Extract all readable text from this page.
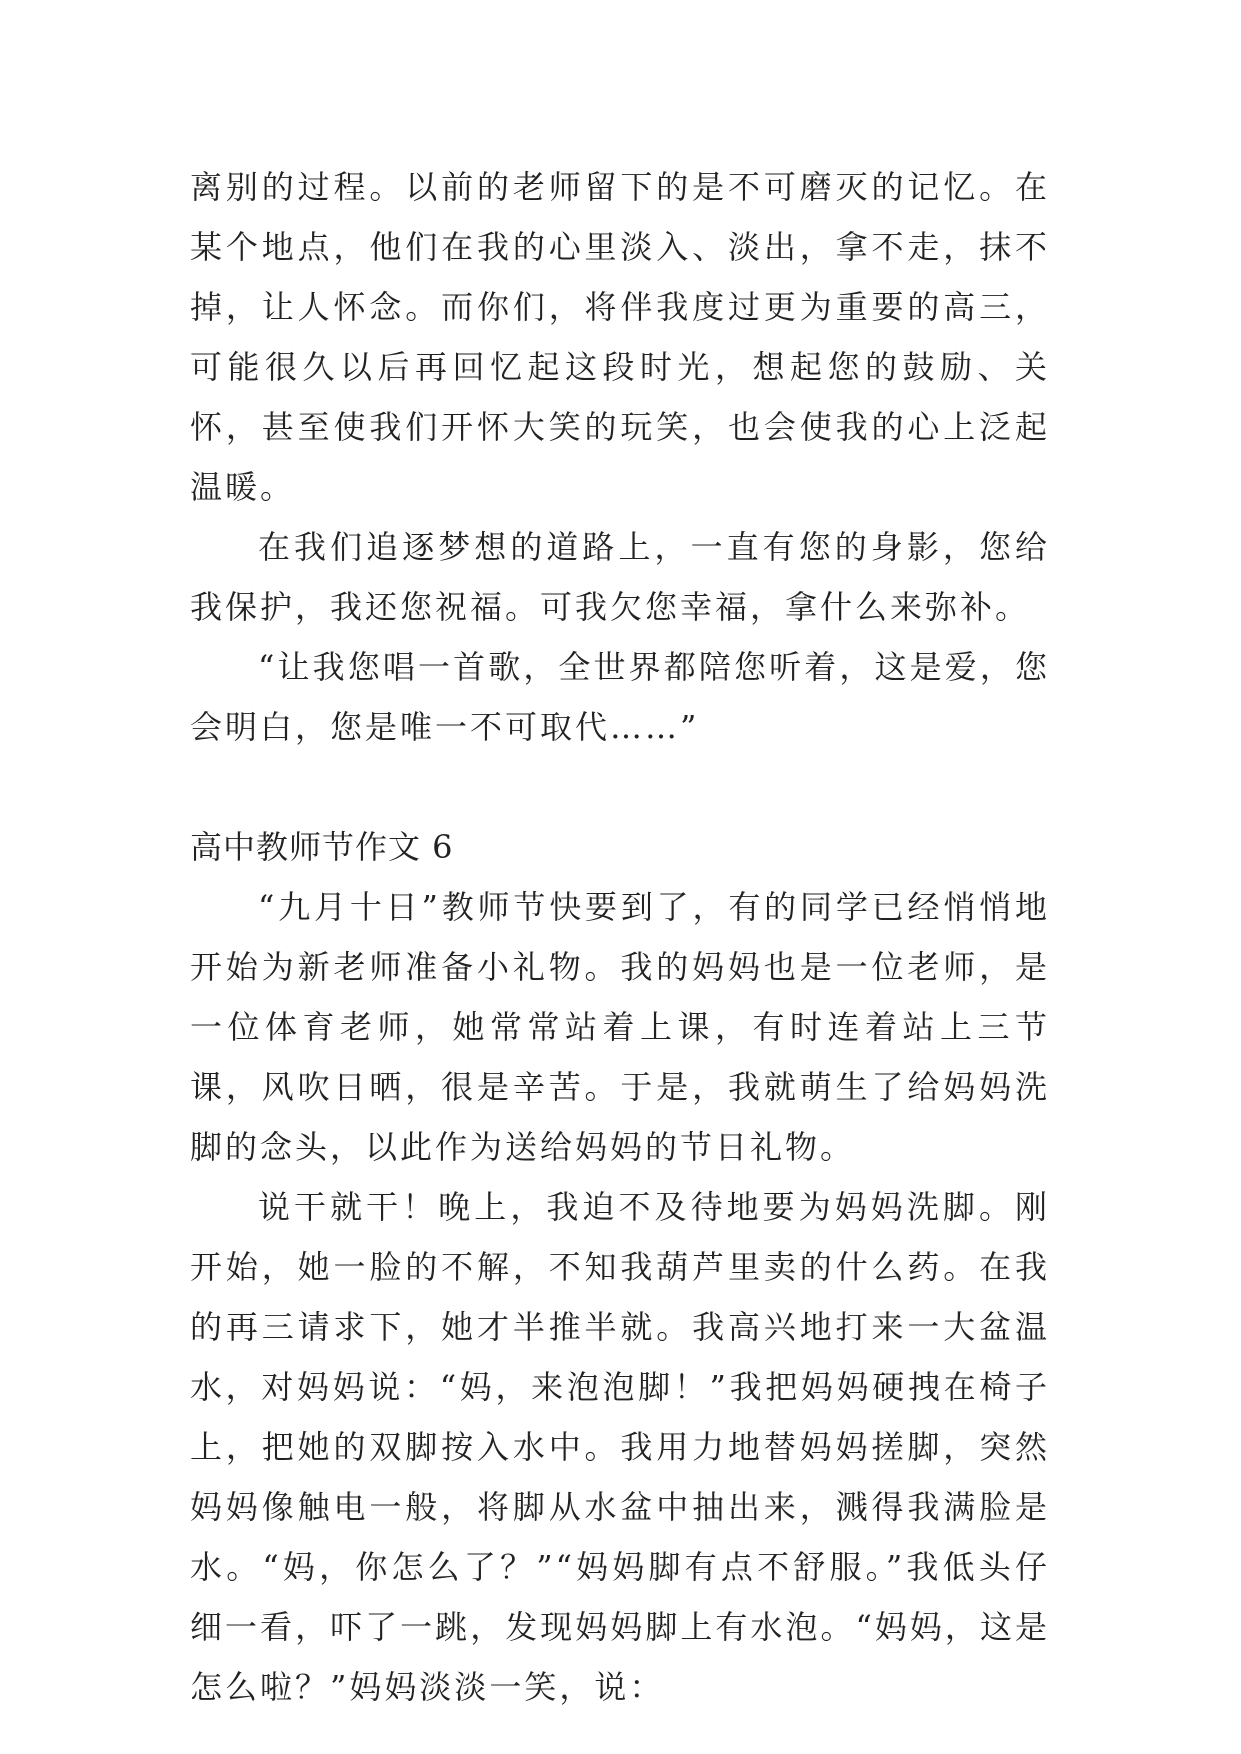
离别的过程。以前的老师留下的是不可磨灭的记忆。在某个地点，他们在我的心里淡入、淡出，拿不走，抹不掉，让人怀念。而你们，将伴我度过更为重要的高三，可能很久以后再回忆起这段时光，想起您的鼓励、关怀，甚至使我们开怀大笑的玩笑，也会使我的心上泛起温暖。

在我们追逐梦想的道路上，一直有您的身影，您给我保护，我还您祝福。可我欠您幸福，拿什么来弥补。

“让我您唱一首歌，全世界都陪您听着，这是爱，您会明白，您是唯一不可取代……”

高中教师节作文 6

“九月十日”教师节快要到了，有的同学已经悄悄地开始为新老师准备小礼物。我的妈妈也是一位老师，是一位体育老师，她常常站着上课，有时连着站上三节课，风吹日晒，很是辛苦。于是，我就萌生了给妈妈洗脚的念头，以此作为送给妈妈的节日礼物。

说干就干！晚上，我迫不及待地要为妈妈洗脚。刚开始，她一脸的不解，不知我葫芦里卖的什么药。在我的再三请求下，她才半推半就。我高兴地打来一大盆温水，对妈妈说：“妈，来泡泡脚！”我把妈妈硬拽在椅子上，把她的双脚按入水中。我用力地替妈妈搓脚，突然妈妈像触电一般，将脚从水盆中抽出来，溅得我满脸是水。“妈，你怎么了？”“妈妈脚有点不舒服。”我低头仔细一看，吓了一跳，发现妈妈脚上有水泡。“妈妈，这是怎么啦？”妈妈淡淡一笑，说：
